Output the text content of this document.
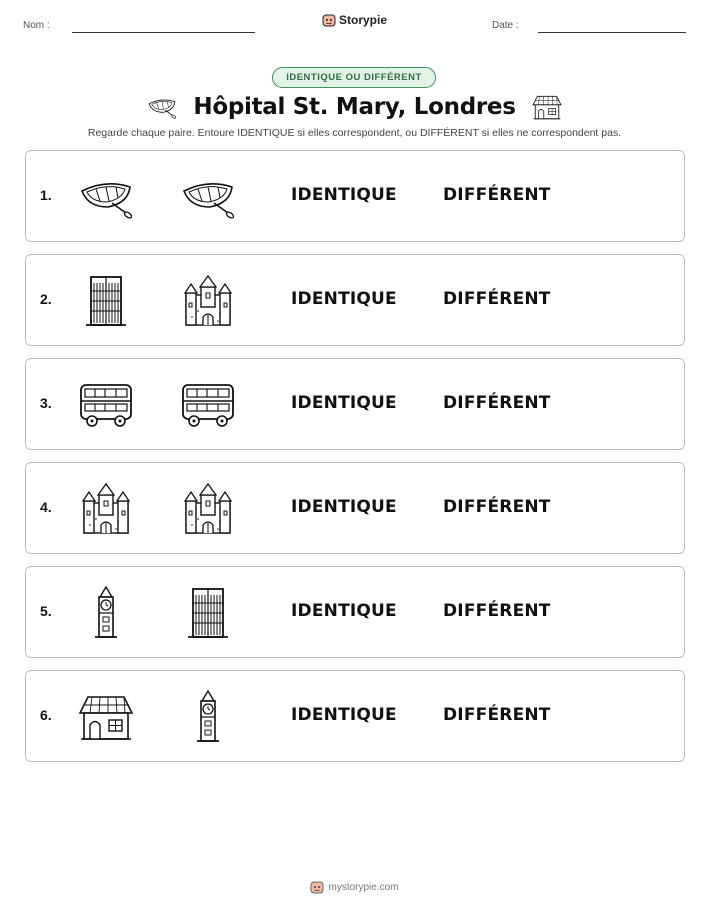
Nom :	Storypie	Date :
IDENTIQUE OU DIFFÉRENT
Hôpital St. Mary, Londres
Regarde chaque paire. Entoure IDENTIQUE si elles correspondent, ou DIFFÉRENT si elles ne correspondent pas.
1.	IDENTIQUE	DIFFÉRENT
2.	IDENTIQUE	DIFFÉRENT
3.	IDENTIQUE	DIFFÉRENT
4.	IDENTIQUE	DIFFÉRENT
5.	IDENTIQUE	DIFFÉRENT
6.	IDENTIQUE	DIFFÉRENT
mystorypie.com
